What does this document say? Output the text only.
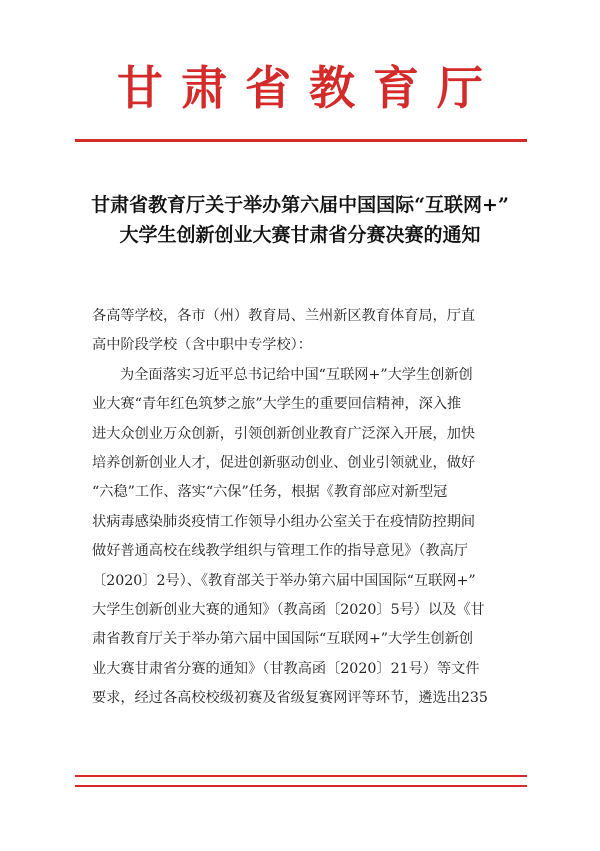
甘肃省教育厅
甘肃省教育厅关于举办第六届中国国际“互联网+”
大学生创新创业大赛甘肃省分赛决赛的通知
各高等学校，各市（州）教育局、兰州新区教育体育局，厅直
高中阶段学校（含中职中专学校）：
为全面落实习近平总书记给中国“互联网+”大学生创新创
业大赛“青年红色筑梦之旅”大学生的重要回信精神，深入推
进大众创业万众创新，引领创新创业教育广泛深入开展，加快
培养创新创业人才，促进创新驱动创业、创业引领就业，做好
“六稳”工作、落实“六保”任务，根据《教育部应对新型冠
状病毒感染肺炎疫情工作领导小组办公室关于在疫情防控期间
做好普通高校在线教学组织与管理工作的指导意见》（教高厅
〔2020〕2号）、《教育部关于举办第六届中国国际“互联网+”
大学生创新创业大赛的通知》（教高函〔2020〕5号）以及《甘
肃省教育厅关于举办第六届中国国际“互联网+”大学生创新创
业大赛甘肃省分赛的通知》（甘教高函〔2020〕21号）等文件
要求，经过各高校校级初赛及省级复赛网评等环节，遴选出235
